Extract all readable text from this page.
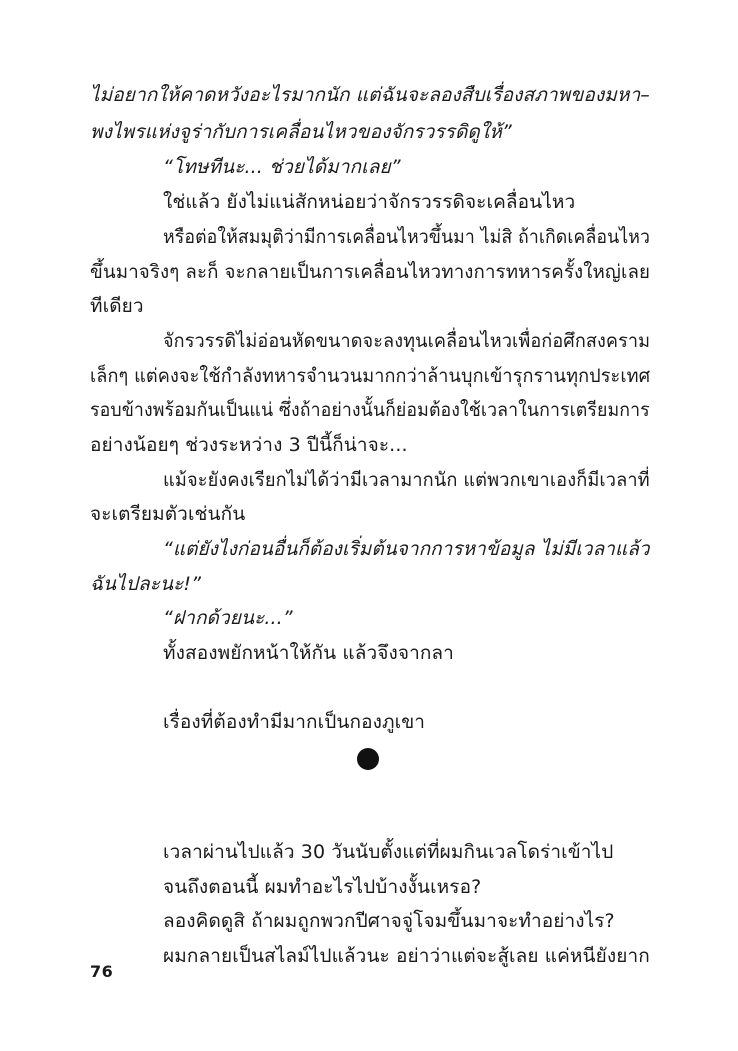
ไม่อยากให้คาดหวังอะไรมากนัก แต่ฉันจะลองสืบเรื่องสภาพของมหา–
พงไพรแห่งจูร่ากับการเคลื่อนไหวของจักรวรรดิดูให้”
“โทษทีนะ... ช่วยได้มากเลย”
ใช่แล้ว ยังไม่แน่สักหน่อยว่าจักรวรรดิจะเคลื่อนไหว
หรือต่อให้สมมุติว่ามีการเคลื่อนไหวขึ้นมา ไม่สิ ถ้าเกิดเคลื่อนไหว
ขึ้นมาจริงๆ ละก็ จะกลายเป็นการเคลื่อนไหวทางการทหารครั้งใหญ่เลย
ทีเดียว
จักรวรรดิไม่อ่อนหัดขนาดจะลงทุนเคลื่อนไหวเพื่อก่อศึกสงคราม
เล็กๆ แต่คงจะใช้กำลังทหารจำนวนมากกว่าล้านบุกเข้ารุกรานทุกประเทศ
รอบข้างพร้อมกันเป็นแน่ ซึ่งถ้าอย่างนั้นก็ย่อมต้องใช้เวลาในการเตรียมการ
อย่างน้อยๆ ช่วงระหว่าง 3 ปีนี้ก็น่าจะ...
แม้จะยังคงเรียกไม่ได้ว่ามีเวลามากนัก แต่พวกเขาเองก็มีเวลาที่
จะเตรียมตัวเช่นกัน
“แต่ยังไงก่อนอื่นก็ต้องเริ่มต้นจากการหาข้อมูล ไม่มีเวลาแล้ว
ฉันไปละนะ!”
“ฝากด้วยนะ...”
ทั้งสองพยักหน้าให้กัน แล้วจึงจากลา
เรื่องที่ต้องทำมีมากเป็นกองภูเขา
เวลาผ่านไปแล้ว 30 วันนับตั้งแต่ที่ผมกินเวลโดร่าเข้าไป
จนถึงตอนนี้ ผมทำอะไรไปบ้างงั้นเหรอ?
ลองคิดดูสิ ถ้าผมถูกพวกปีศาจจู่โจมขึ้นมาจะทำอย่างไร?
ผมกลายเป็นสไลม์ไปแล้วนะ อย่าว่าแต่จะสู้เลย แค่หนียังยาก
76
